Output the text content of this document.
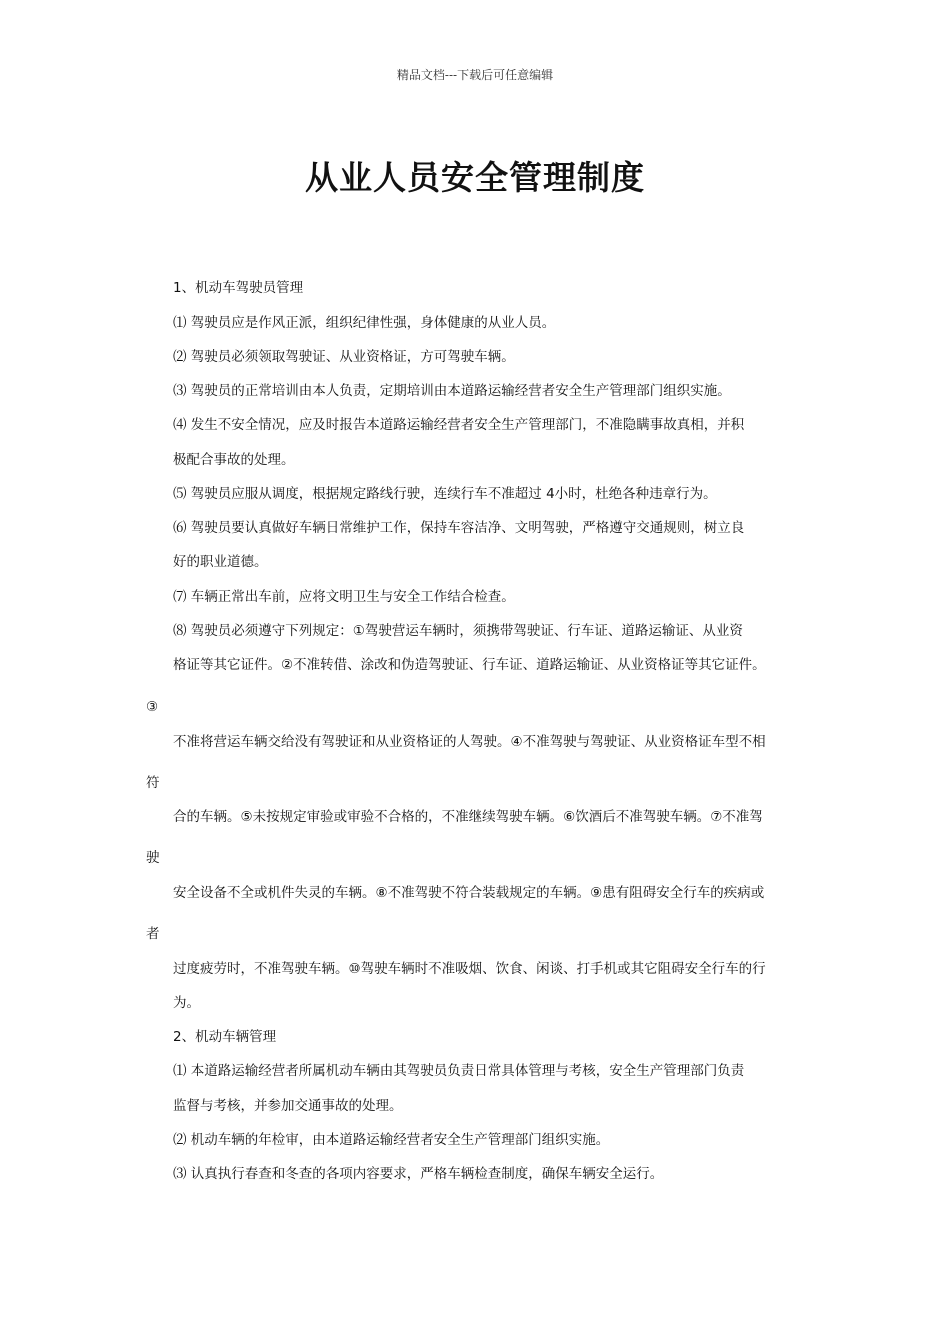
精品文档---下载后可任意编辑
从业人员安全管理制度
1、机动车驾驶员管理
⑴ 驾驶员应是作风正派，组织纪律性强，身体健康的从业人员。
⑵ 驾驶员必须领取驾驶证、从业资格证，方可驾驶车辆。
⑶ 驾驶员的正常培训由本人负责，定期培训由本道路运输经营者安全生产管理部门组织实施。
⑷ 发生不安全情况，应及时报告本道路运输经营者安全生产管理部门，不准隐瞒事故真相，并积
极配合事故的处理。
⑸ 驾驶员应服从调度，根据规定路线行驶，连续行车不准超过 4小时，杜绝各种违章行为。
⑹ 驾驶员要认真做好车辆日常维护工作，保持车容洁净、文明驾驶，严格遵守交通规则，树立良
好的职业道德。
⑺ 车辆正常出车前，应将文明卫生与安全工作结合检查。
⑻ 驾驶员必须遵守下列规定：①驾驶营运车辆时，须携带驾驶证、行车证、道路运输证、从业资
格证等其它证件。②不准转借、涂改和伪造驾驶证、行车证、道路运输证、从业资格证等其它证件。
③
不准将营运车辆交给没有驾驶证和从业资格证的人驾驶。④不准驾驶与驾驶证、从业资格证车型不相
符
合的车辆。⑤未按规定审验或审验不合格的，不准继续驾驶车辆。⑥饮酒后不准驾驶车辆。⑦不准驾
驶
安全设备不全或机件失灵的车辆。⑧不准驾驶不符合装载规定的车辆。⑨患有阻碍安全行车的疾病或
者
过度疲劳时，不准驾驶车辆。⑩驾驶车辆时不准吸烟、饮食、闲谈、打手机或其它阻碍安全行车的行
为。
2、机动车辆管理
⑴ 本道路运输经营者所属机动车辆由其驾驶员负责日常具体管理与考核，安全生产管理部门负责
监督与考核，并参加交通事故的处理。
⑵ 机动车辆的年检审，由本道路运输经营者安全生产管理部门组织实施。
⑶ 认真执行春查和冬查的各项内容要求，严格车辆检查制度，确保车辆安全运行。
